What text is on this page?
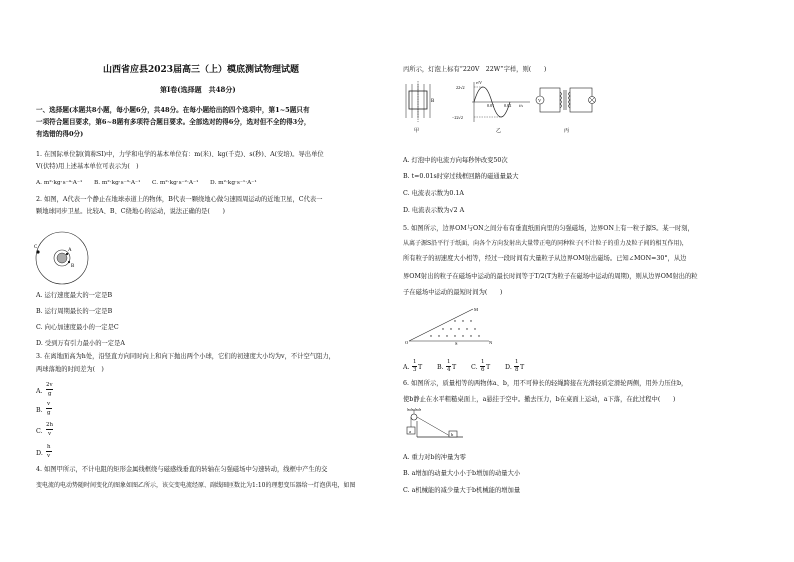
山西省应县2023届高三（上）模底测试物理试题
第Ⅰ卷(选择题　共48分)
一、选择题(本题共8小题，每小题6分，共48分。在每小题给出的四个选项中，第1~5题只有
一项符合题目要求，第6~8题有多项符合题目要求。全部选对的得6分，选对但不全的得3分，
有选错的得0分)
1. 在国际单位制(简称SI)中，力学和电学的基本单位有：m(米)、kg(千克)、s(秒)、A(安培)。导出单位
V(伏特)用上述基本单位可表示为(　)
A. m²·kg·s⁻⁴·A⁻¹　　B. m²·kg·s⁻³·A⁻¹　　C. m²·kg·s⁻²·A⁻¹　　D. m²·kg·s⁻¹·A⁻¹
2. 如图，A代表一个静止在地球赤道上的物体，B代表一颗绕地心做匀速圆周运动的近地卫星，C代表一
颗地球同步卫星。比较A、B、C绕地心的运动，说法正确的是(　　)
C
A
B
A. 运行速度最大的一定是B
B. 运行周期最长的一定是B
C. 向心加速度最小的一定是C
D. 受到万有引力最小的一定是A
3. 在离地面高为h处，沿竖直方向同时向上和向下抛出两个小球，它们的初速度大小均为v，不计空气阻力，
两球落地的时间差为(　)
A.
2v
g
B.
v
g
C.
2h
v
D.
h
v
4. 如图甲所示，不计电阻的矩形金属线框绕与磁感线垂直的转轴在匀强磁场中匀速转动，线框中产生的交
变电流的电动势随时间变化的图象如图乙所示，该交变电流经原、副线圈匝数比为1:10的理想变压器给一灯泡供电，如图
丙所示，灯泡上标有“220V　22W”字样，则(　　)
B
甲
e/V
22√2
−22√2
0.01 0.02 t/s
乙
V
丙
A. 灯泡中的电流方向每秒钟改变50次
B. t=0.01s时穿过线框回路的磁通量最大
C. 电流表示数为0.1A
D. 电流表示数为√2 A
5. 如图所示，边界OM与ON之间分布有垂直纸面向里的匀强磁场，边界ON上有一粒子源S。某一时刻，
从离子源S沿平行于纸面，向各个方向发射出大量带正电的同种粒子(不计粒子的重力及粒子间的相互作用)，
所有粒子的初速度大小相等，经过一段时间有大量粒子从边界OM射出磁场。已知∠MON=30°，从边
界OM射出的粒子在磁场中运动的最长时间等于T/2(T为粒子在磁场中运动的周期)，则从边界OM射出的粒
子在磁场中运动的最短时间为(　　)
M
O	S	N
A.
1
3 T B.
1
4 T C.
1
6 T D.
1
8 T
6. 如图所示，质量相等的两物体a、b，用不可伸长的轻绳跨接在光滑轻质定滑轮两侧，用外力压住b，
使b静止在水平粗糙桌面上，a悬挂于空中。撤去压力，b在桌面上运动，a下落，在此过程中(　　)
a
b
A. 重力对b的冲量为零
B. a增加的动量大小小于b增加的动量大小
C. a机械能的减少量大于b机械能的增加量
